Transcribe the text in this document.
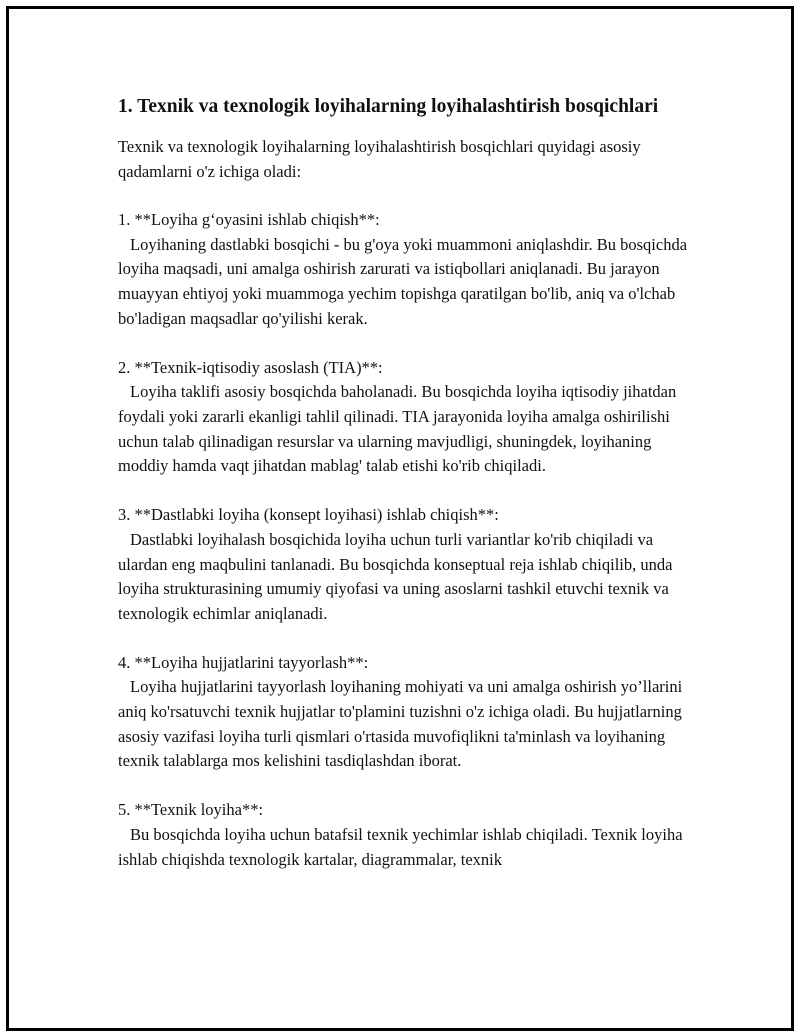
1. Texnik va texnologik loyihalarning loyihalashtirish bosqichlari

Texnik va texnologik loyihalarning loyihalashtirish bosqichlari quyidagi asosiy qadamlarni o'z ichiga oladi:

1. **Loyiha g‘oyasini ishlab chiqish**:

Loyihaning dastlabki bosqichi - bu g'oya yoki muammoni aniqlashdir. Bu bosqichda loyiha maqsadi, uni amalga oshirish zarurati va istiqbollari aniqlanadi. Bu jarayon muayyan ehtiyoj yoki muammoga yechim topishga qaratilgan bo'lib, aniq va o'lchab bo'ladigan maqsadlar qo'yilishi kerak.

2. **Texnik-iqtisodiy asoslash (TIA)**:

Loyiha taklifi asosiy bosqichda baholanadi. Bu bosqichda loyiha iqtisodiy jihatdan foydali yoki zararli ekanligi tahlil qilinadi. TIA jarayonida loyiha amalga oshirilishi uchun talab qilinadigan resurslar va ularning mavjudligi, shuningdek, loyihaning moddiy hamda vaqt jihatdan mablag' talab etishi ko'rib chiqiladi.

3. **Dastlabki loyiha (konsept loyihasi) ishlab chiqish**:

Dastlabki loyihalash bosqichida loyiha uchun turli variantlar ko'rib chiqiladi va ulardan eng maqbulini tanlanadi. Bu bosqichda konseptual reja ishlab chiqilib, unda loyiha strukturasining umumiy qiyofasi va uning asoslarni tashkil etuvchi texnik va texnologik echimlar aniqlanadi.

4. **Loyiha hujjatlarini tayyorlash**:

Loyiha hujjatlarini tayyorlash loyihaning mohiyati va uni amalga oshirish yo’llarini aniq ko'rsatuvchi texnik hujjatlar to'plamini tuzishni o'z ichiga oladi. Bu hujjatlarning asosiy vazifasi loyiha turli qismlari o'rtasida muvofiqlikni ta'minlash va loyihaning texnik talablarga mos kelishini tasdiqlashdan iborat.

5. **Texnik loyiha**:

Bu bosqichda loyiha uchun batafsil texnik yechimlar ishlab chiqiladi. Texnik loyiha ishlab chiqishda texnologik kartalar, diagrammalar, texnik
